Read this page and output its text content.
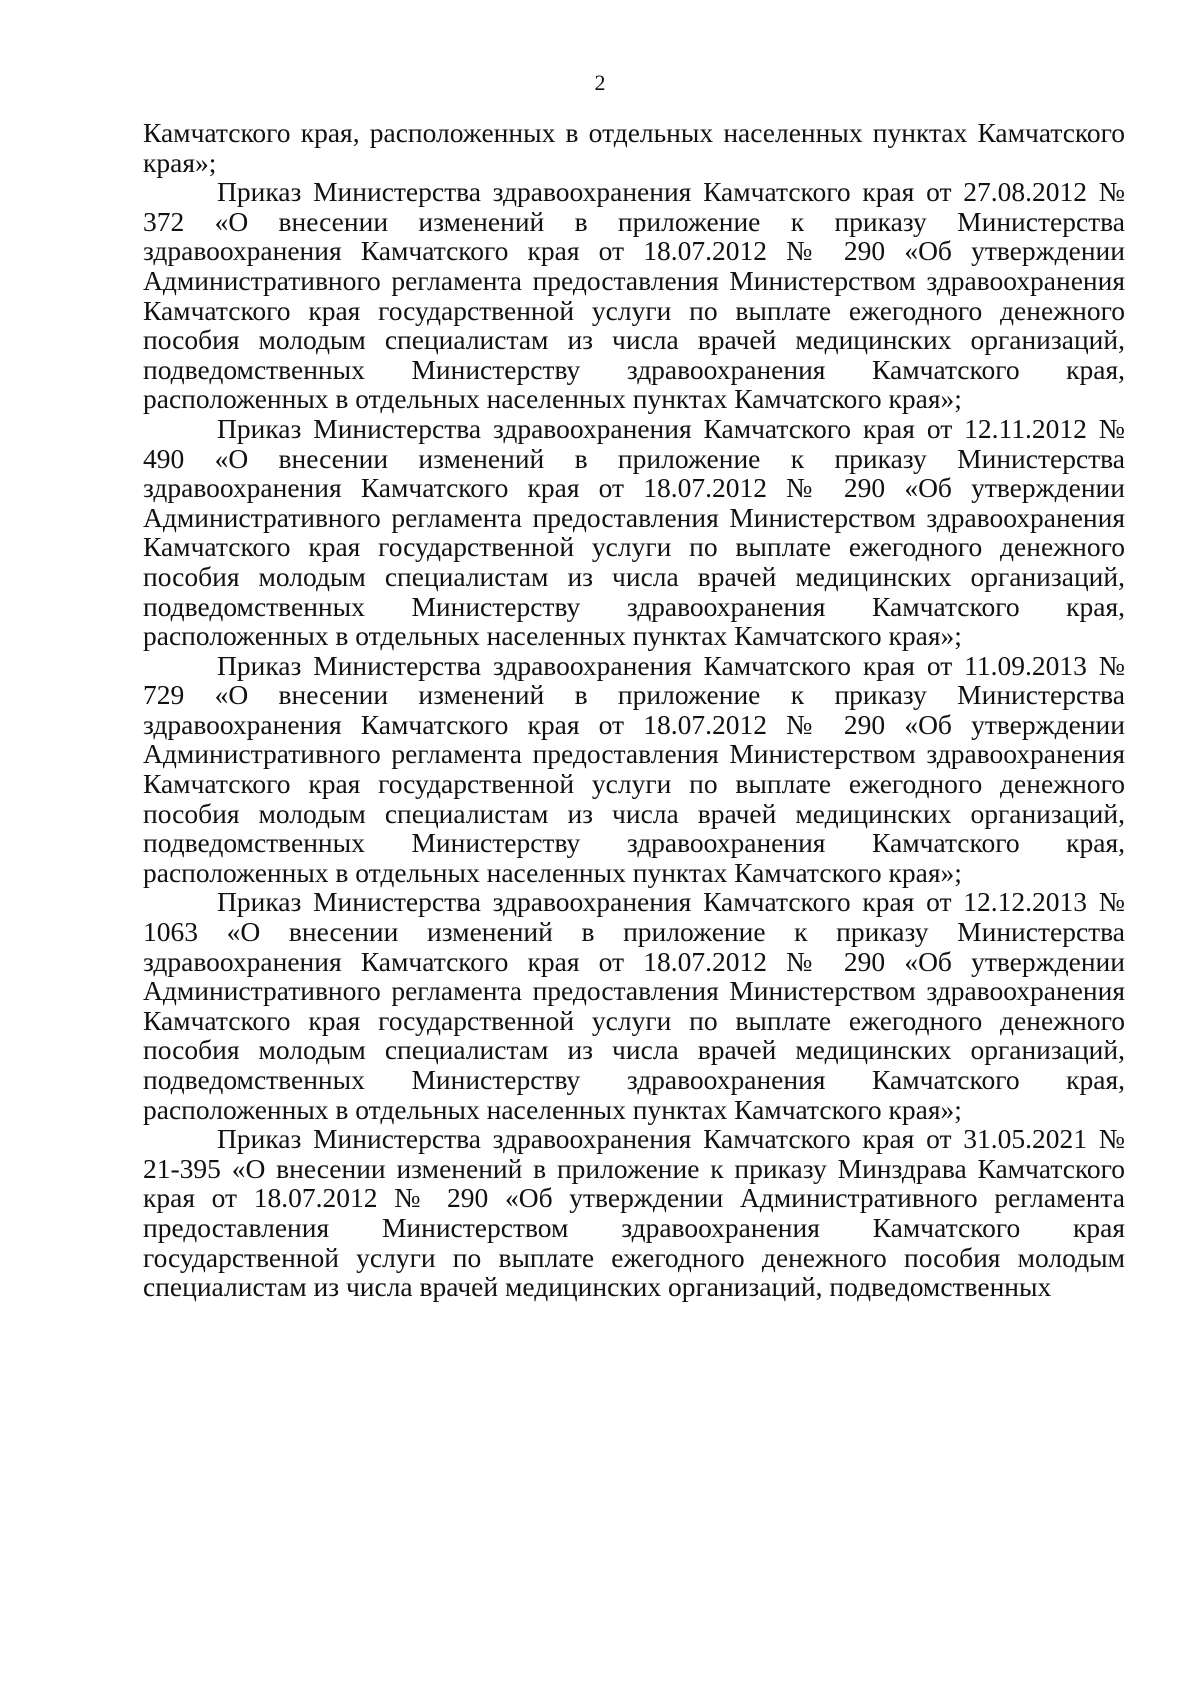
2

Камчатского края, расположенных в отдельных населенных пунктах Камчатского края»;

Приказ Министерства здравоохранения Камчатского края от 27.08.2012 № 372 «О внесении изменений в приложение к приказу Министерства здравоохранения Камчатского края от 18.07.2012 № 290 «Об утверждении Административного регламента предоставления Министерством здравоохранения Камчатского края государственной услуги по выплате ежегодного денежного пособия молодым специалистам из числа врачей медицинских организаций, подведомственных Министерству здравоохранения Камчатского края, расположенных в отдельных населенных пунктах Камчатского края»;

Приказ Министерства здравоохранения Камчатского края от 12.11.2012 № 490 «О внесении изменений в приложение к приказу Министерства здравоохранения Камчатского края от 18.07.2012 № 290 «Об утверждении Административного регламента предоставления Министерством здравоохранения Камчатского края государственной услуги по выплате ежегодного денежного пособия молодым специалистам из числа врачей медицинских организаций, подведомственных Министерству здравоохранения Камчатского края, расположенных в отдельных населенных пунктах Камчатского края»;

Приказ Министерства здравоохранения Камчатского края от 11.09.2013 № 729 «О внесении изменений в приложение к приказу Министерства здравоохранения Камчатского края от 18.07.2012 № 290 «Об утверждении Административного регламента предоставления Министерством здравоохранения Камчатского края государственной услуги по выплате ежегодного денежного пособия молодым специалистам из числа врачей медицинских организаций, подведомственных Министерству здравоохранения Камчатского края, расположенных в отдельных населенных пунктах Камчатского края»;

Приказ Министерства здравоохранения Камчатского края от 12.12.2013 № 1063 «О внесении изменений в приложение к приказу Министерства здравоохранения Камчатского края от 18.07.2012 № 290 «Об утверждении Административного регламента предоставления Министерством здравоохранения Камчатского края государственной услуги по выплате ежегодного денежного пособия молодым специалистам из числа врачей медицинских организаций, подведомственных Министерству здравоохранения Камчатского края, расположенных в отдельных населенных пунктах Камчатского края»;

Приказ Министерства здравоохранения Камчатского края от 31.05.2021 № 21-395 «О внесении изменений в приложение к приказу Минздрава Камчатского края от 18.07.2012 № 290 «Об утверждении Административного регламента предоставления Министерством здравоохранения Камчатского края государственной услуги по выплате ежегодного денежного пособия молодым специалистам из числа врачей медицинских организаций, подведомственных
